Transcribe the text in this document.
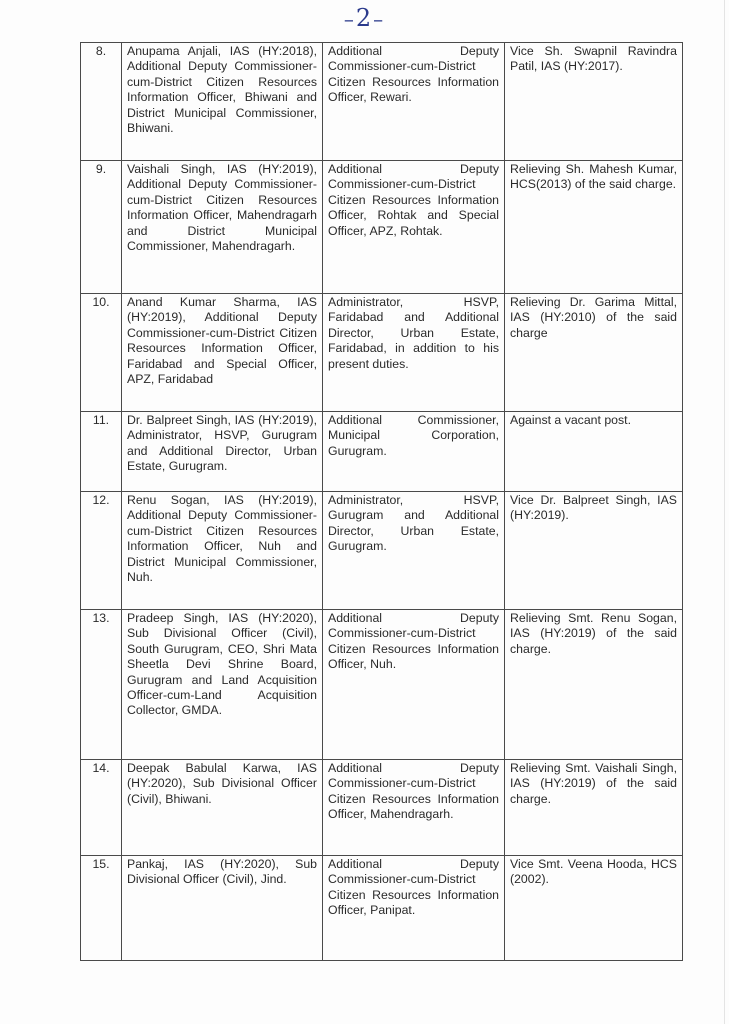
–2–
8.	Anupama Anjali, IAS (HY:2018), Additional Deputy Commissioner-cum-District Citizen Resources Information Officer, Bhiwani and District Municipal Commissioner, Bhiwani.	Additional Deputy Commissioner-cum-District Citizen Resources Information Officer, Rewari.	Vice Sh. Swapnil Ravindra Patil, IAS (HY:2017).

9.	Vaishali Singh, IAS (HY:2019), Additional Deputy Commissioner-cum-District Citizen Resources Information Officer, Mahendragarh and District Municipal Commissioner, Mahendragarh.	Additional Deputy Commissioner-cum-District Citizen Resources Information Officer, Rohtak and Special Officer, APZ, Rohtak.	Relieving Sh. Mahesh Kumar, HCS(2013) of the said charge.

10.	Anand Kumar Sharma, IAS (HY:2019), Additional Deputy Commissioner-cum-District Citizen Resources Information Officer, Faridabad and Special Officer, APZ, Faridabad	Administrator, HSVP, Faridabad and Additional Director, Urban Estate, Faridabad, in addition to his present duties.	Relieving Dr. Garima Mittal, IAS (HY:2010) of the said charge

11.	Dr. Balpreet Singh, IAS (HY:2019), Administrator, HSVP, Gurugram and Additional Director, Urban Estate, Gurugram.	Additional Commissioner, Municipal Corporation, Gurugram.	Against a vacant post.

12.	Renu Sogan, IAS (HY:2019), Additional Deputy Commissioner-cum-District Citizen Resources Information Officer, Nuh and District Municipal Commissioner, Nuh.	Administrator, HSVP, Gurugram and Additional Director, Urban Estate, Gurugram.	Vice Dr. Balpreet Singh, IAS (HY:2019).

13.	Pradeep Singh, IAS (HY:2020), Sub Divisional Officer (Civil), South Gurugram, CEO, Shri Mata Sheetla Devi Shrine Board, Gurugram and Land Acquisition Officer-cum-Land Acquisition Collector, GMDA.	Additional Deputy Commissioner-cum-District Citizen Resources Information Officer, Nuh.	Relieving Smt. Renu Sogan, IAS (HY:2019) of the said charge.

14.	Deepak Babulal Karwa, IAS (HY:2020), Sub Divisional Officer (Civil), Bhiwani.	Additional Deputy Commissioner-cum-District Citizen Resources Information Officer, Mahendragarh.	Relieving Smt. Vaishali Singh, IAS (HY:2019) of the said charge.

15.	Pankaj, IAS (HY:2020), Sub Divisional Officer (Civil), Jind.	Additional Deputy Commissioner-cum-District Citizen Resources Information Officer, Panipat.	Vice Smt. Veena Hooda, HCS (2002).
